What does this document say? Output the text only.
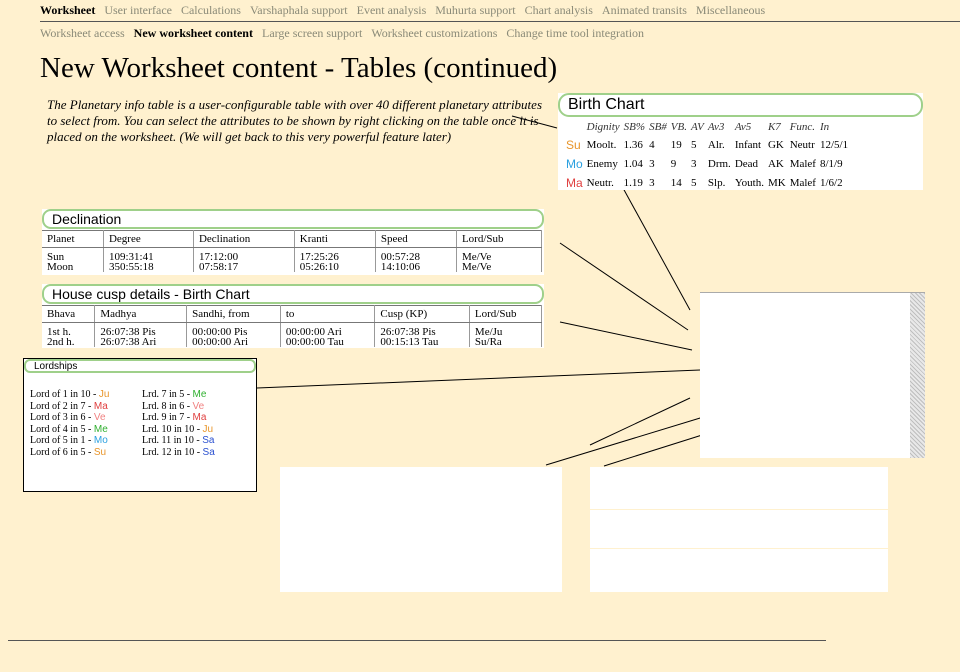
Worksheet User interface Calculations Varshaphala support Event analysis Muhurta support Chart analysis Animated transits Miscellaneous
Worksheet access New worksheet content Large screen support Worksheet customizations Change time tool integration
New Worksheet content - Tables (continued)
The Planetary info table is a user-configurable table with over 40 different planetary attributes to select from. You can select the attributes to be shown by right clicking on the table once it is placed on the worksheet. (We will get back to this very powerful feature later)
Birth Chart
	Dignity	SB%	SB#	VB.	AV	Av3	Av5	K7	Func.	In
Su	Moolt.	1.36	4	19	5	Alr.	Infant	GK	Neutr	12/5/1
Mo	Enemy	1.04	3	9	3	Drm.	Dead	AK	Malef	8/1/9
Ma	Neutr.	1.19	3	14	5	Slp.	Youth.	MK	Malef	1/6/2
Declination
Planet	Degree	Declination	Kranti	Speed	Lord/Sub
Sun	109:31:41	17:12:00	17:25:26	00:57:28	Me/Ve
Moon	350:55:18	07:58:17	05:26:10	14:10:06	Me/Ve
House cusp details - Birth Chart
Bhava	Madhya	Sandhi, from	to	Cusp (KP)	Lord/Sub
1st h.	26:07:38 Pis	00:00:00 Pis	00:00:00 Ari	26:07:38 Pis	Me/Ju
2nd h.	26:07:38 Ari	00:00:00 Ari	00:00:00 Tau	00:15:13 Tau	Su/Ra
Lordships
Lord of 1 in 10 - Ju
Lord of 2 in 7 - Ma
Lord of 3 in 6 - Ve
Lord of 4 in 5 - Me
Lord of 5 in 1 - Mo
Lord of 6 in 5 - Su
Lrd. 7 in 5 - Me
Lrd. 8 in 6 - Ve
Lrd. 9 in 7 - Ma
Lrd. 10 in 10 - Ju
Lrd. 11 in 10 - Sa
Lrd. 12 in 10 - Sa
